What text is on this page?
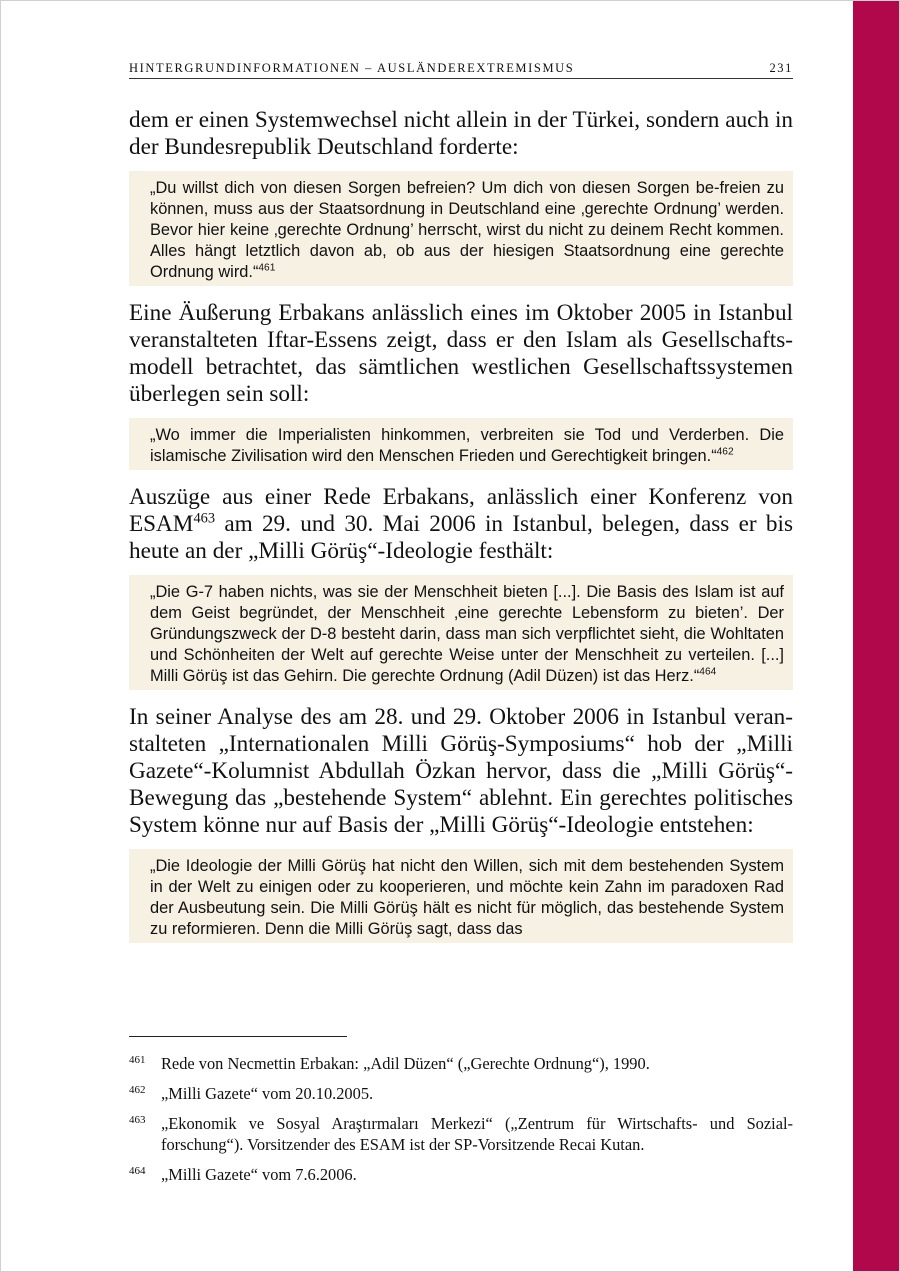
HINTERGRUNDINFORMATIONEN – AUSLÄNDEREXTREMISMUS	231

dem er einen Systemwechsel nicht allein in der Türkei, sondern auch in der Bundesrepublik Deutschland forderte:

„Du willst dich von diesen Sorgen befreien? Um dich von diesen Sorgen be-freien zu können, muss aus der Staatsordnung in Deutschland eine ‚gerechte Ordnung’ werden. Bevor hier keine ‚gerechte Ordnung’ herrscht, wirst du nicht zu deinem Recht kommen. Alles hängt letztlich davon ab, ob aus der hiesigen Staatsordnung eine gerechte Ordnung wird.“$^{461}$

Eine Äußerung Erbakans anlässlich eines im Oktober 2005 in Istanbul veranstalteten Iftar-Essens zeigt, dass er den Islam als Gesellschafts-modell betrachtet, das sämtlichen westlichen Gesellschaftssystemen überlegen sein soll:

„Wo immer die Imperialisten hinkommen, verbreiten sie Tod und Verderben. Die islamische Zivilisation wird den Menschen Frieden und Gerechtigkeit bringen.“$^{462}$

Auszüge aus einer Rede Erbakans, anlässlich einer Konferenz von ESAM$^{463}$ am 29. und 30. Mai 2006 in Istanbul, belegen, dass er bis heute an der „Milli Görüş“-Ideologie festhält:

„Die G-7 haben nichts, was sie der Menschheit bieten [...]. Die Basis des Islam ist auf dem Geist begründet, der Menschheit ‚eine gerechte Lebensform zu bieten’. Der Gründungszweck der D-8 besteht darin, dass man sich verpflichtet sieht, die Wohltaten und Schönheiten der Welt auf gerechte Weise unter der Menschheit zu verteilen. [...] Milli Görüş ist das Gehirn. Die gerechte Ordnung (Adil Düzen) ist das Herz.“$^{464}$

In seiner Analyse des am 28. und 29. Oktober 2006 in Istanbul veran-stalteten „Internationalen Milli Görüş-Symposiums“ hob der „Milli Gazete“-Kolumnist Abdullah Özkan hervor, dass die „Milli Görüş“-Bewegung das „bestehende System“ ablehnt. Ein gerechtes politisches System könne nur auf Basis der „Milli Görüş“-Ideologie entstehen:

„Die Ideologie der Milli Görüş hat nicht den Willen, sich mit dem bestehenden System in der Welt zu einigen oder zu kooperieren, und möchte kein Zahn im paradoxen Rad der Ausbeutung sein. Die Milli Görüş hält es nicht für möglich, das bestehende System zu reformieren. Denn die Milli Görüş sagt, dass das

461 Rede von Necmettin Erbakan: „Adil Düzen“ („Gerechte Ordnung“), 1990.
462 „Milli Gazete“ vom 20.10.2005.
463 „Ekonomik ve Sosyal Araştırmaları Merkezi“ („Zentrum für Wirtschafts- und Sozial-forschung“). Vorsitzender des ESAM ist der SP-Vorsitzende Recai Kutan.
464 „Milli Gazete“ vom 7.6.2006.
